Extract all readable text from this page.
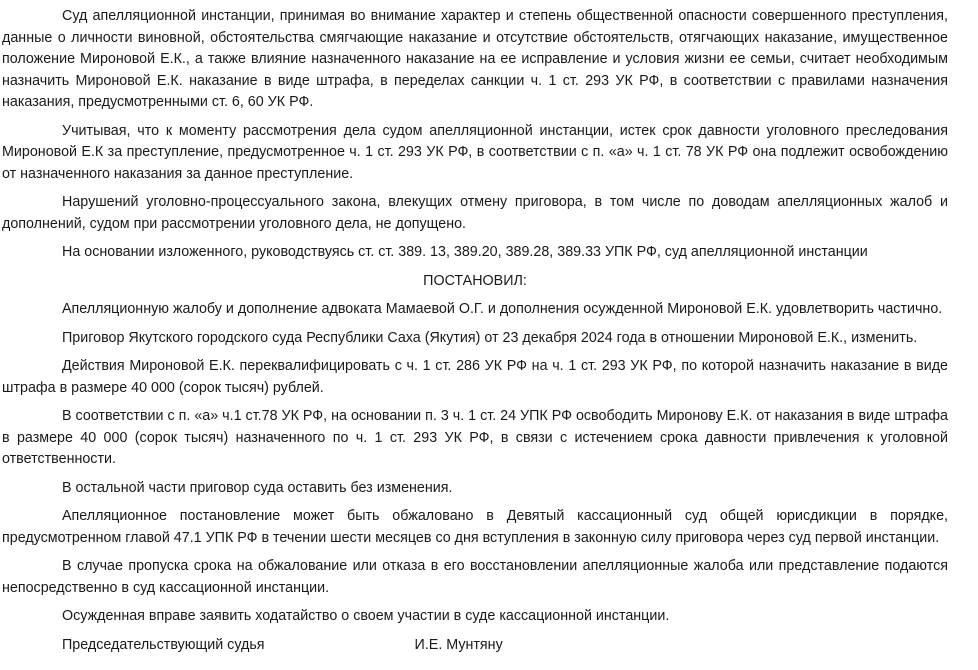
Суд апелляционной инстанции, принимая во внимание характер и степень общественной опасности совершенного преступления, данные о личности виновной, обстоятельства смягчающие наказание и отсутствие обстоятельств, отягчающих наказание, имущественное положение Мироновой Е.К., а также влияние назначенного наказание на ее исправление и условия жизни ее семьи, считает необходимым назначить Мироновой Е.К. наказание в виде штрафа, в переделах санкции ч. 1 ст. 293 УК РФ, в соответствии с правилами назначения наказания, предусмотренными ст. 6, 60 УК РФ.

Учитывая, что к моменту рассмотрения дела судом апелляционной инстанции, истек срок давности уголовного преследования Мироновой Е.К за преступление, предусмотренное ч. 1 ст. 293 УК РФ, в соответствии с п. «а» ч. 1 ст. 78 УК РФ она подлежит освобождению от назначенного наказания за данное преступление.

Нарушений уголовно-процессуального закона, влекущих отмену приговора, в том числе по доводам апелляционных жалоб и дополнений, судом при рассмотрении уголовного дела, не допущено.

На основании изложенного, руководствуясь ст. ст. 389. 13, 389.20, 389.28, 389.33 УПК РФ, суд апелляционной инстанции

ПОСТАНОВИЛ:

Апелляционную жалобу и дополнение адвоката Мамаевой О.Г. и дополнения осужденной Мироновой Е.К. удовлетворить частично.

Приговор Якутского городского суда Республики Саха (Якутия) от 23 декабря 2024 года в отношении Мироновой Е.К., изменить.

Действия Мироновой Е.К. переквалифицировать с ч. 1 ст. 286 УК РФ на ч. 1 ст. 293 УК РФ, по которой назначить наказание в виде штрафа в размере 40 000 (сорок тысяч) рублей.

В соответствии с п. «а» ч.1 ст.78 УК РФ, на основании п. 3 ч. 1 ст. 24 УПК РФ освободить Миронову Е.К. от наказания в виде штрафа в размере 40 000 (сорок тысяч) назначенного по ч. 1 ст. 293 УК РФ, в связи с истечением срока давности привлечения к уголовной ответственности.

В остальной части приговор суда оставить без изменения.

Апелляционное постановление может быть обжаловано в Девятый кассационный суд общей юрисдикции в порядке, предусмотренном главой 47.1 УПК РФ в течении шести месяцев со дня вступления в законную силу приговора через суд первой инстанции.

В случае пропуска срока на обжалование или отказа в его восстановлении апелляционные жалоба или представление подаются непосредственно в суд кассационной инстанции.

Осужденная вправе заявить ходатайство о своем участии в суде кассационной инстанции.

Председательствующий судья	И.Е. Мунтяну
